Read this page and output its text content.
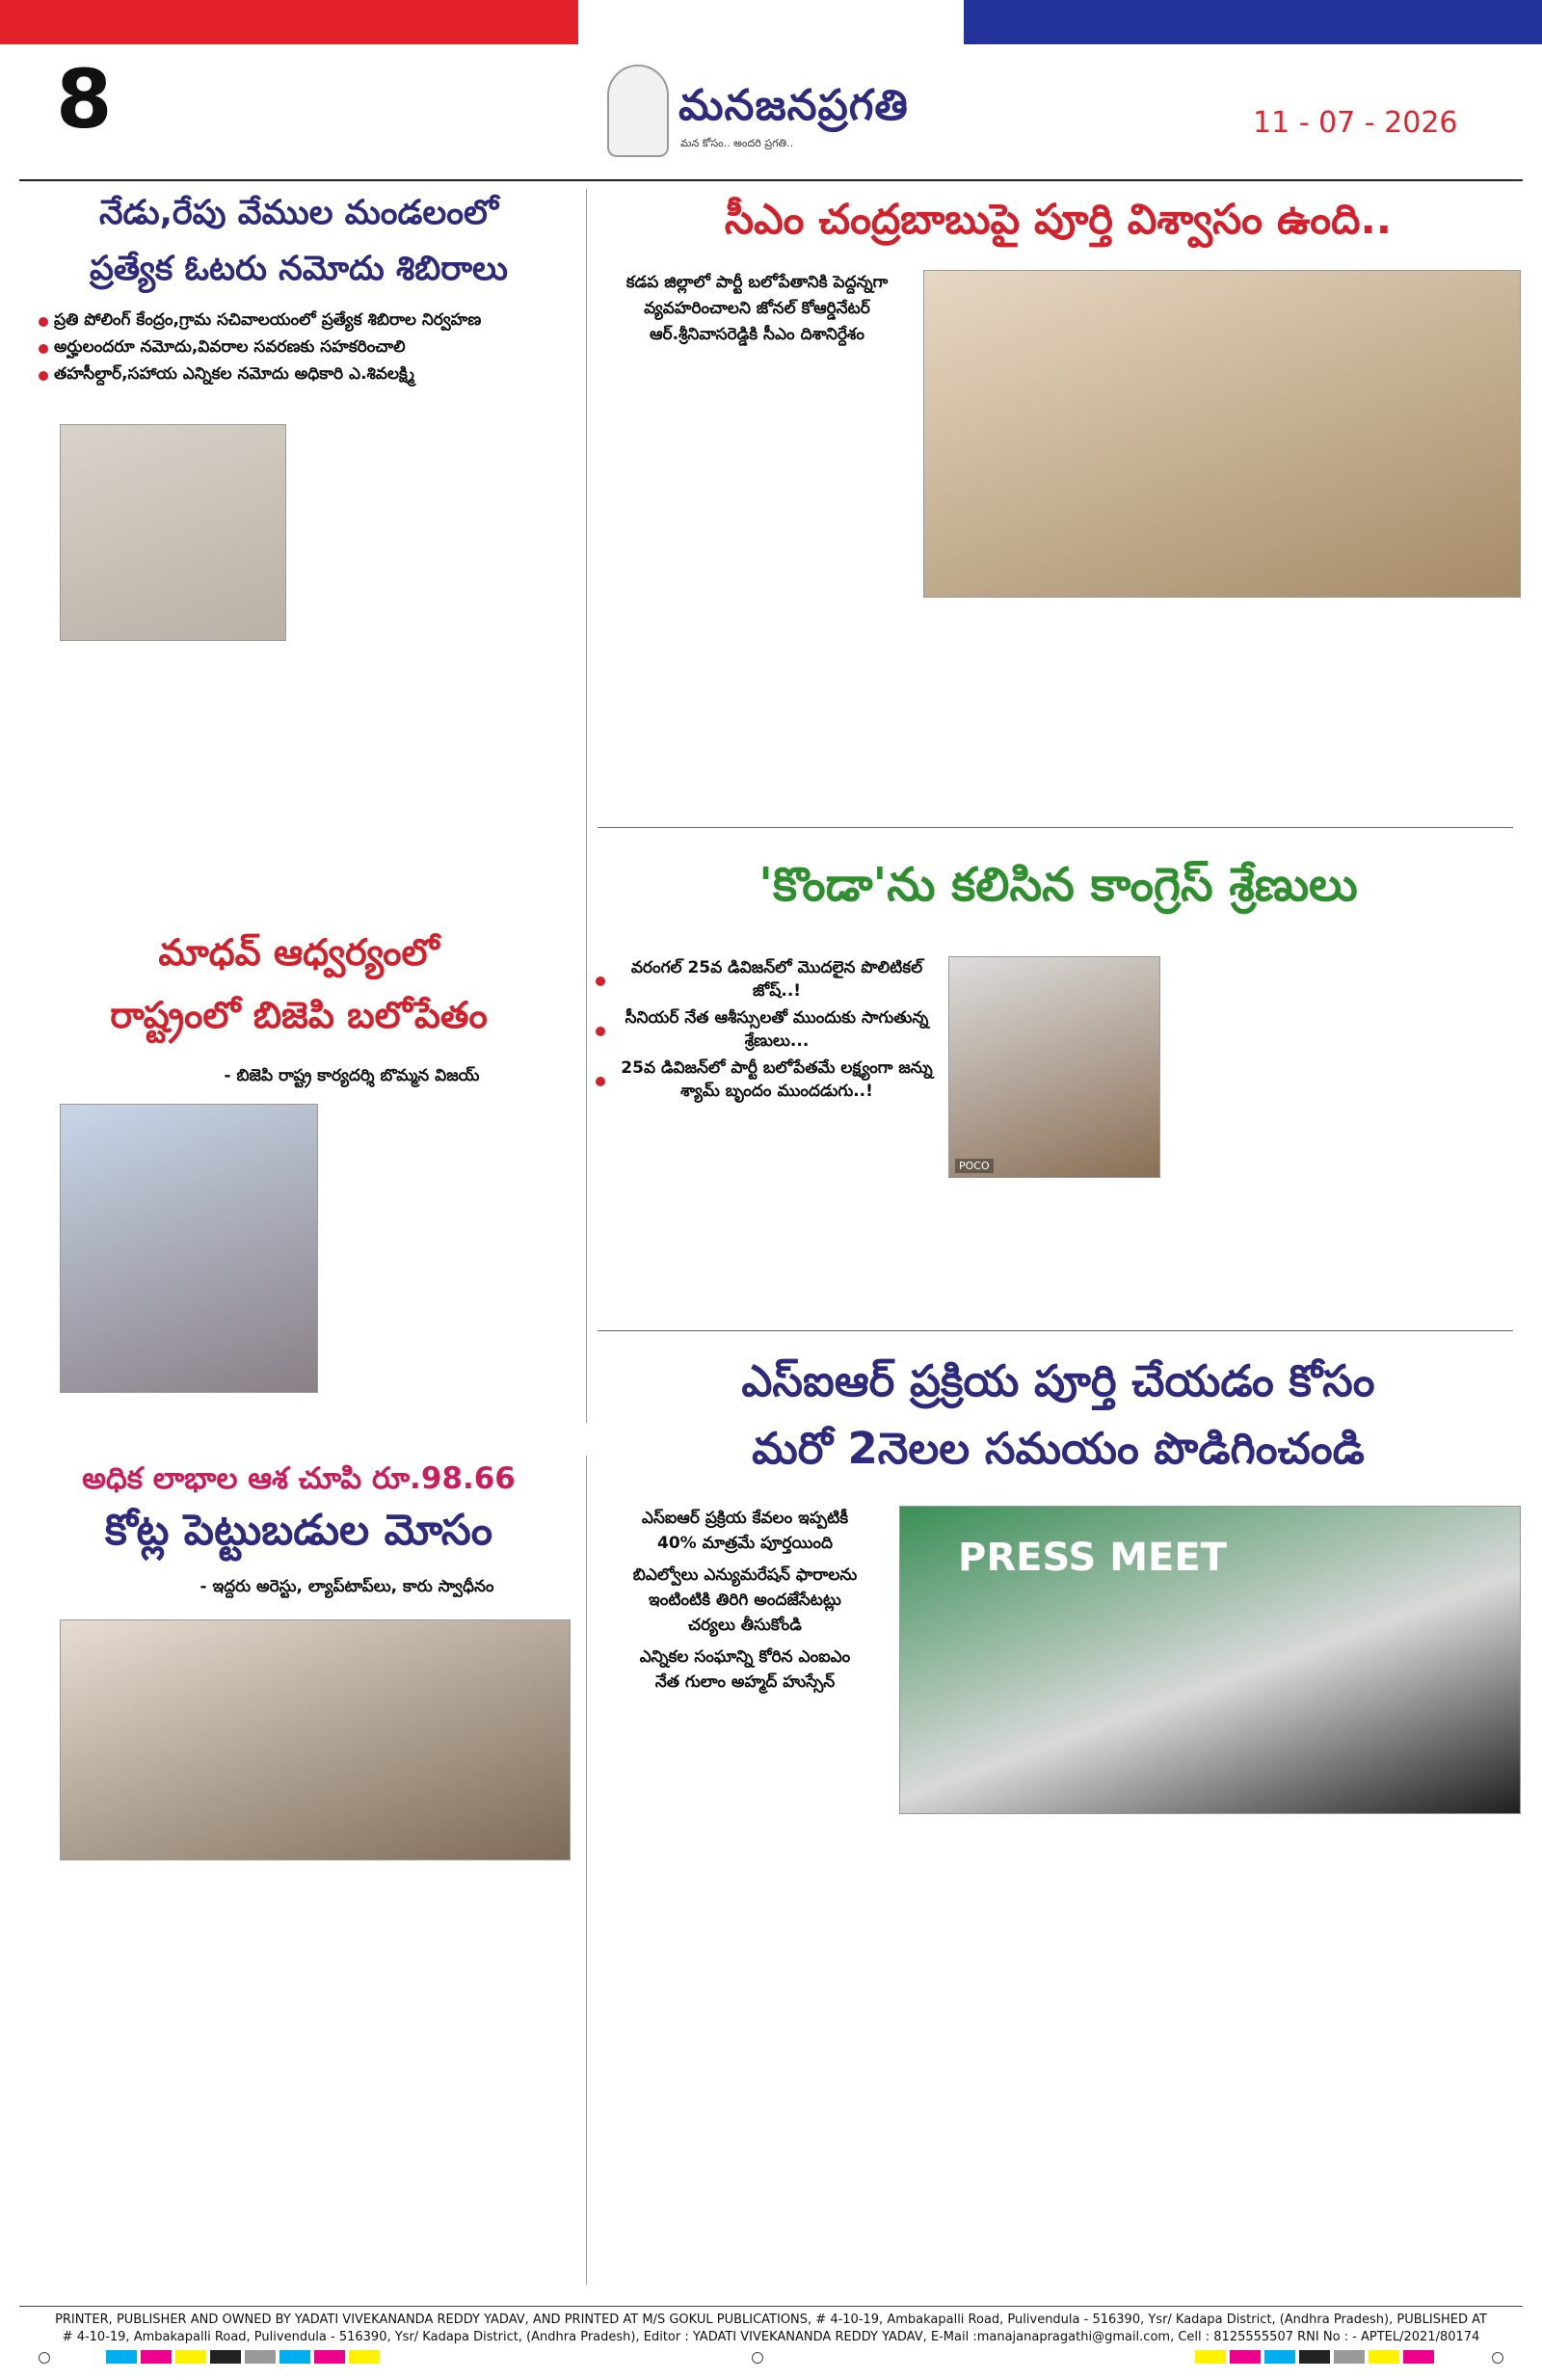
8	మనజనప్రగతి
మన కోసం.. అందరి ప్రగతి..
11 - 07 - 2026
నేడు,రేపు వేముల మండలంలో
ప్రత్యేక ఓటరు నమోదు శిబిరాలు
ప్రతి పోలింగ్ కేంద్రం,గ్రామ సచివాలయంలో ప్రత్యేక శిబిరాల నిర్వహణ
అర్హులందరూ నమోదు,వివరాల సవరణకు సహకరించాలి
తహసీల్దార్,సహాయ ఎన్నికల నమోదు అధికారి ఎ.శివలక్ష్మి
సీఎం చంద్రబాబుపై పూర్తి విశ్వాసం ఉంది..
కడప జిల్లాలో పార్టీ బలోపేతానికి పెద్దన్నగా వ్యవహరించాలని జోనల్ కోఆర్డినేటర్ ఆర్.శ్రీనివాసరెడ్డికి సీఎం దిశానిర్దేశం
మాధవ్ ఆధ్వర్యంలో
రాష్ట్రంలో బిజెపి బలోపేతం
- బిజెపి రాష్ట్ర కార్యదర్శి బొమ్మన విజయ్
'కొండా'ను కలిసిన కాంగ్రెస్ శ్రేణులు
వరంగల్ 25వ డివిజన్‌లో మొదలైన పొలిటికల్ జోష్..!
సీనియర్ నేత ఆశీస్సులతో ముందుకు సాగుతున్న శ్రేణులు...
25వ డివిజన్‌లో పార్టీ బలోపేతమే లక్ష్యంగా జన్ను శ్యామ్ బృందం ముందడుగు..!
POCO
అధిక లాభాల ఆశ చూపి రూ.98.66
కోట్ల పెట్టుబడుల మోసం
- ఇద్దరు అరెస్టు, ల్యాప్‌టాప్‌లు, కారు స్వాధీనం
ఎస్ఐఆర్ ప్రక్రియ పూర్తి చేయడం కోసం
మరో 2నెలల సమయం పొడిగించండి
ఎస్ఐఆర్ ప్రక్రియ కేవలం ఇప్పటికీ
40% మాత్రమే పూర్తయింది
బిఎల్వోలు ఎన్యుమరేషన్ ఫారాలను
ఇంటింటికి తిరిగి అందజేసేటట్లు
చర్యలు తీసుకోండి
ఎన్నికల సంఘాన్ని కోరిన ఎంఐఎం
నేత గులాం అహ్మద్ హుస్సేన్
PRESS MEET
PRINTER, PUBLISHER AND OWNED BY YADATI VIVEKANANDA REDDY YADAV, AND PRINTED AT M/S GOKUL PUBLICATIONS, # 4-10-19, Ambakapalli Road, Pulivendula - 516390, Ysr/ Kadapa District, (Andhra Pradesh), PUBLISHED AT
# 4-10-19, Ambakapalli Road, Pulivendula - 516390, Ysr/ Kadapa District, (Andhra Pradesh), Editor : YADATI VIVEKANANDA REDDY YADAV, E-Mail :manajanapragathi@gmail.com, Cell : 8125555507 RNI No : - APTEL/2021/80174
